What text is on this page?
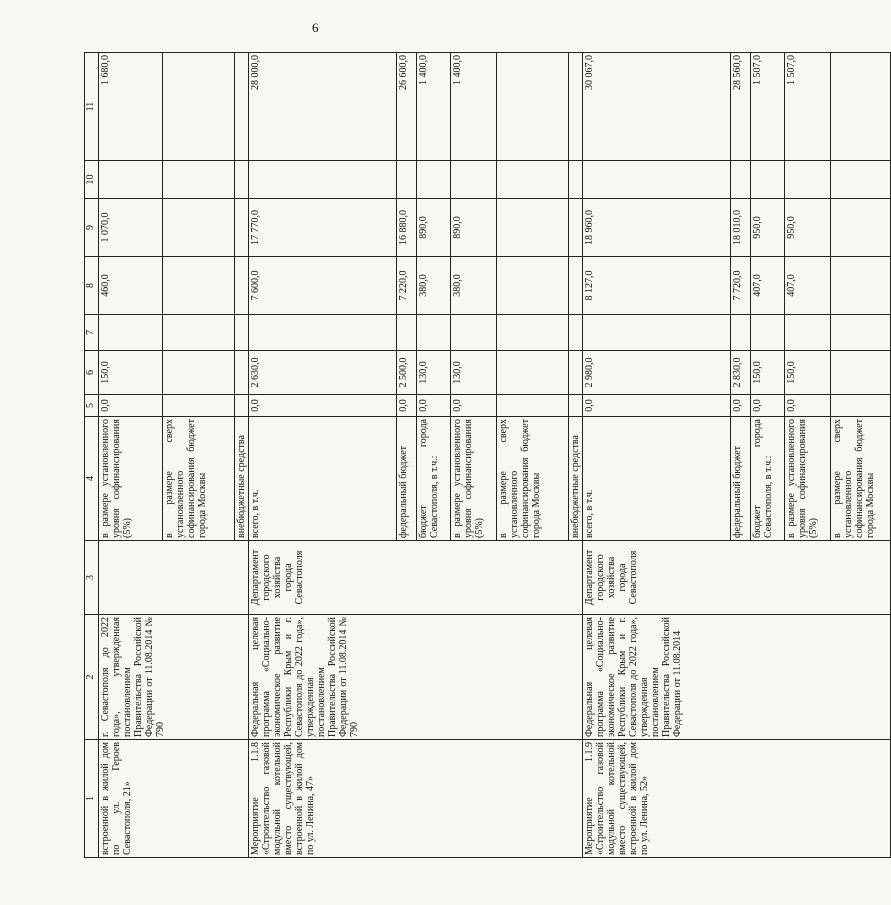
6
1	2	3	4	5	6	7	8	9	10	11
встроенной в жилой дом по ул. Героев Севастополя, 21»	г. Севастополя до 2022 года», утвержденная постановлением Правительства Российской Федерации от 11.08.2014 № 790		в размере установленного уровня софинансирования (5%)	0,0	150,0		460,0	1 070,0		1 680,0
			в размере сверх установленного софинансирования бюджет города Москвы							
			внебюджетные средства							
Мероприятие 1.1.8 «Строительство газовой модульной котельной вместо существующей, встроенной в жилой дом по ул. Ленина, 47»	Федеральная целевая программа «Социально-экономическое развитие Республики Крым и г. Севастополя до 2022 года», утвержденная постановлением Правительства Российской Федерации от 11.08.2014 № 790	Департамент городского хозяйства города Севастополя	всего, в т.ч.	0,0	2 630,0		7 600,0	17 770,0		28 000,0
			федеральный бюджет	0,0	2 500,0		7 220,0	16 880,0		26 600,0
			бюджет города Севастополя, в т.ч.:	0,0	130,0		380,0	890,0		1 400,0
			в размере установленного уровня софинансирования (5%)	0,0	130,0		380,0	890,0		1 400,0
			в размере сверх установленного софинансирования бюджет города Москвы							
			внебюджетные средства							
Мероприятие 1.1.9 «Строительство газовой модульной котельной вместо существующей, встроенной в жилой дом по ул. Ленина, 52»	Федеральная целевая программа «Социально-экономическое развитие Республики Крым и г. Севастополя до 2022 года», утвержденная постановлением Правительства Российской Федерации от 11.08.2014	Департамент городского хозяйства города Севастополя	всего, в т.ч.	0,0	2 980,0		8 127,0	18 960,0		30 067,0
			федеральный бюджет	0,0	2 830,0		7 720,0	18 010,0		28 560,0
			бюджет города Севастополя, в т.ч.:	0,0	150,0		407,0	950,0		1 507,0
			в размере установленного уровня софинансирования (5%)	0,0	150,0		407,0	950,0		1 507,0
			в размере сверх установленного софинансирования бюджет города Москвы							
